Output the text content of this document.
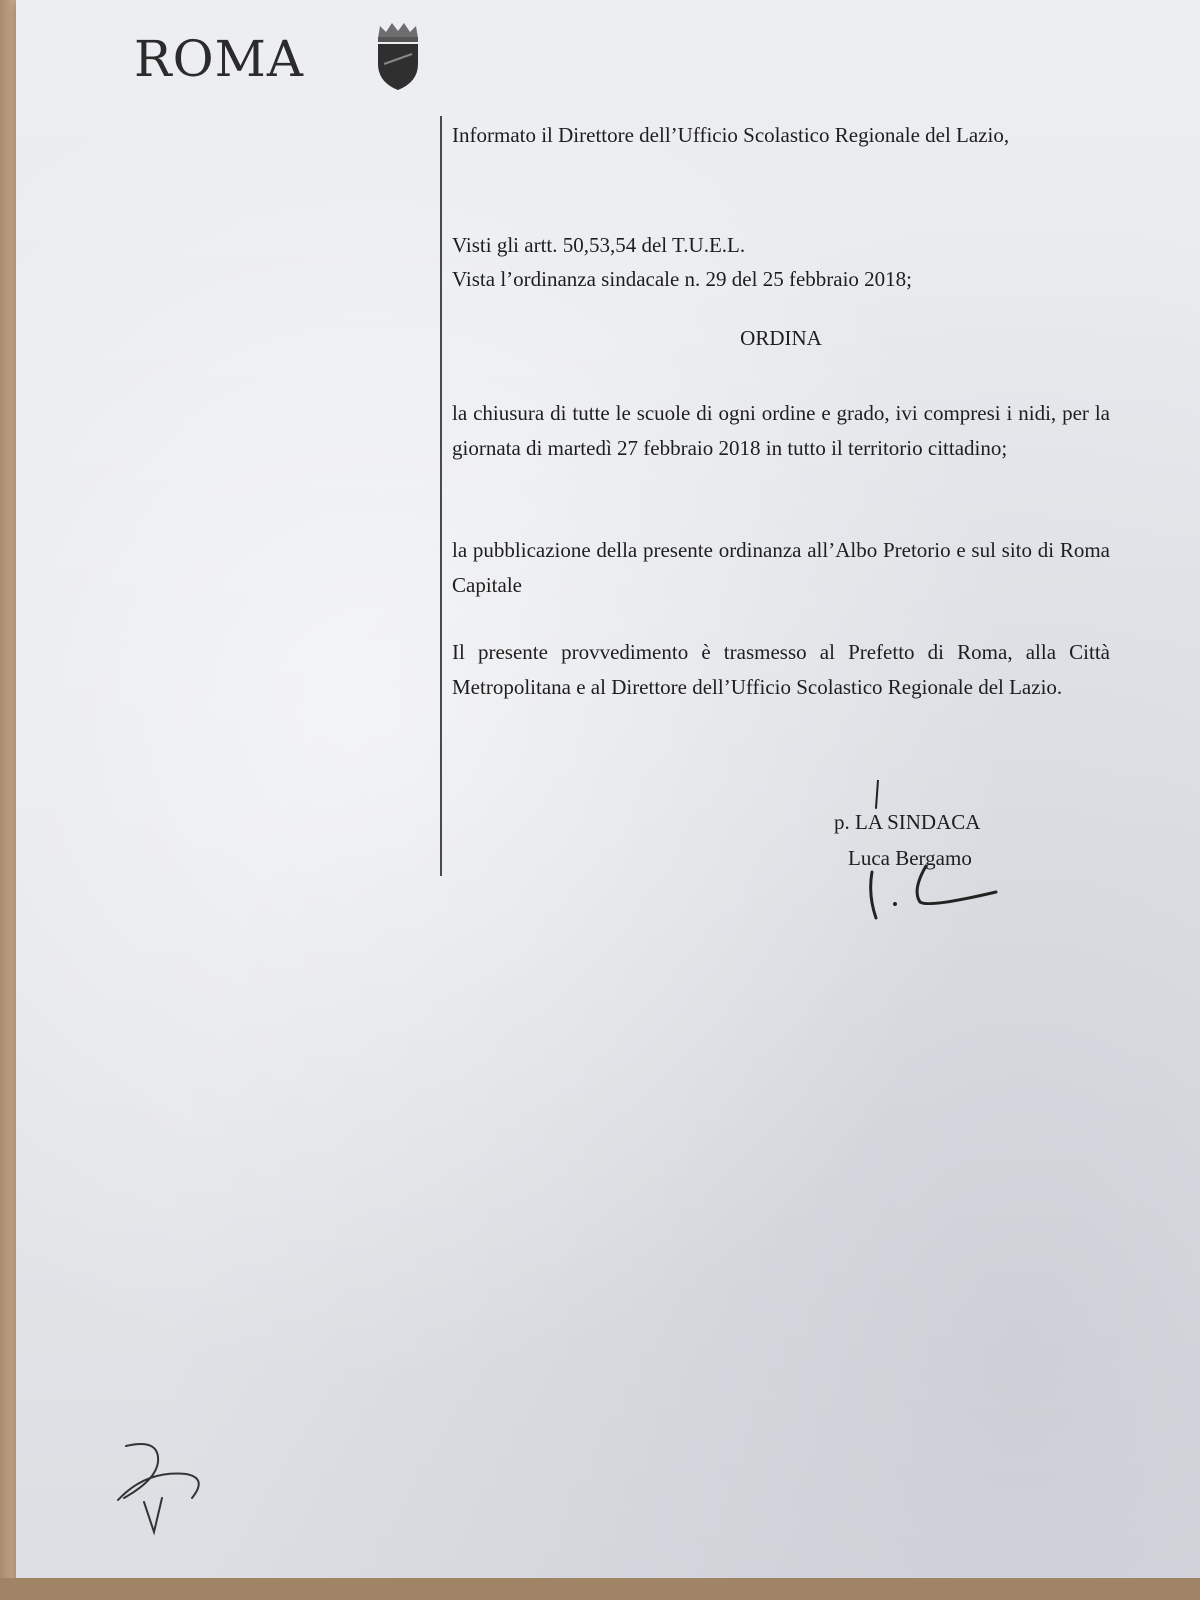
ROMA
Informato il Direttore dell’Ufficio Scolastico Regionale del Lazio,
Visti gli artt. 50,53,54 del T.U.E.L.
Vista l’ordinanza sindacale n. 29 del 25 febbraio 2018;
ORDINA
la chiusura di tutte le scuole di ogni ordine e grado, ivi compresi i nidi, per la giornata di martedì 27 febbraio 2018 in tutto il territorio cittadino;
la pubblicazione della presente ordinanza all’Albo Pretorio e sul sito di Roma Capitale
Il presente provvedimento è trasmesso al Prefetto di Roma, alla Città Metropolitana e al Direttore dell’Ufficio Scolastico Regionale del Lazio.
p. LA SINDACA
Luca Bergamo
